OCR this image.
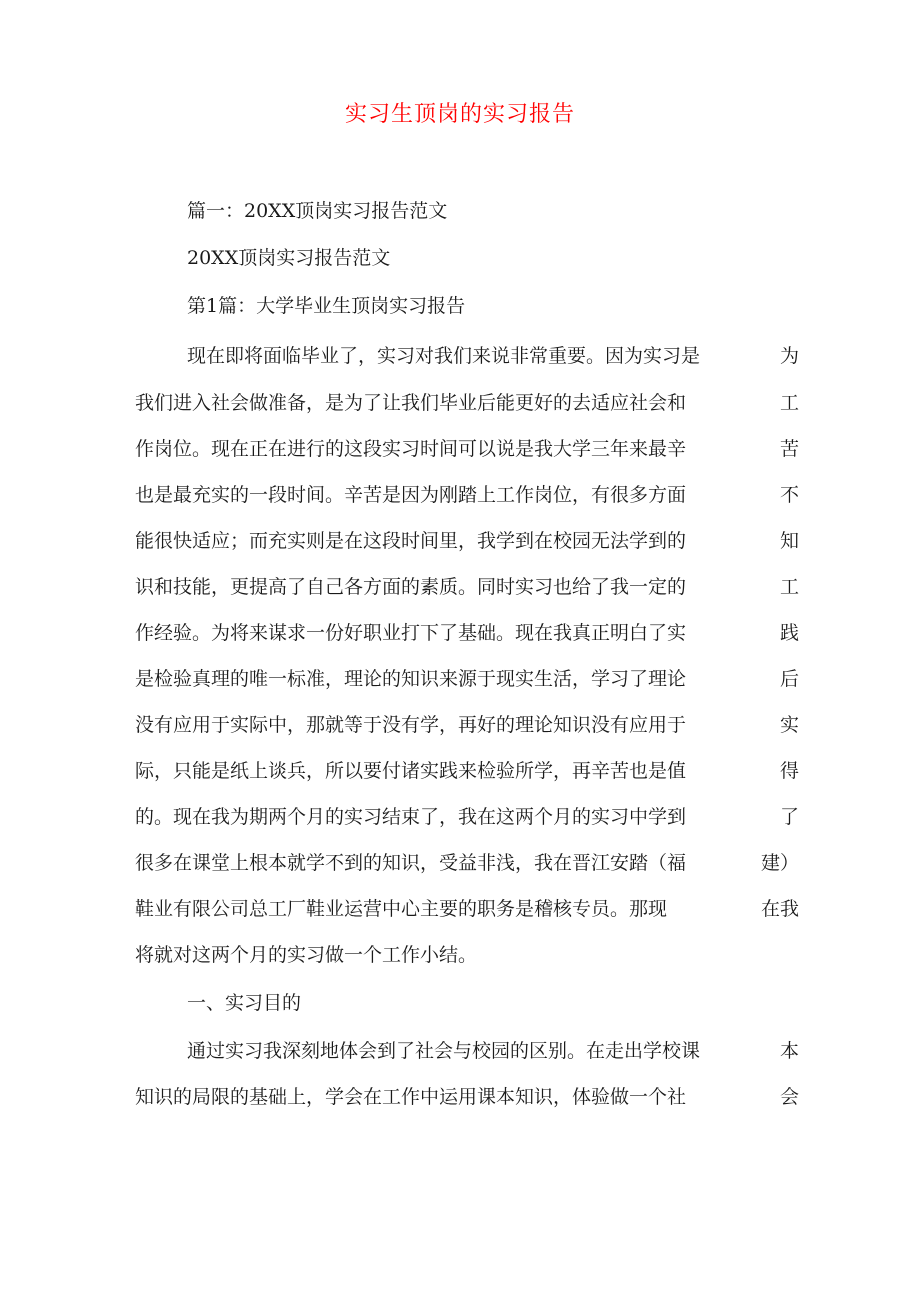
实习生顶岗的实习报告
篇一：20XX顶岗实习报告范文
20XX顶岗实习报告范文
第1篇：大学毕业生顶岗实习报告
现在即将面临毕业了，实习对我们来说非常重要。因为实习是	为
我们进入社会做准备，是为了让我们毕业后能更好的去适应社会和	工
作岗位。现在正在进行的这段实习时间可以说是我大学三年来最辛	苦
也是最充实的一段时间。辛苦是因为刚踏上工作岗位，有很多方面	不
能很快适应；而充实则是在这段时间里，我学到在校园无法学到的	知
识和技能，更提高了自己各方面的素质。同时实习也给了我一定的	工
作经验。为将来谋求一份好职业打下了基础。现在我真正明白了实	践
是检验真理的唯一标准，理论的知识来源于现实生活，学习了理论	后
没有应用于实际中，那就等于没有学，再好的理论知识没有应用于	实
际，只能是纸上谈兵，所以要付诸实践来检验所学，再辛苦也是值	得
的。现在我为期两个月的实习结束了，我在这两个月的实习中学到	了
很多在课堂上根本就学不到的知识，受益非浅，我在晋江安踏（福	建）
鞋业有限公司总工厂鞋业运营中心主要的职务是稽核专员。那现	在我
将就对这两个月的实习做一个工作小结。
一、实习目的
通过实习我深刻地体会到了社会与校园的区别。在走出学校课	本
知识的局限的基础上，学会在工作中运用课本知识，体验做一个社	会
